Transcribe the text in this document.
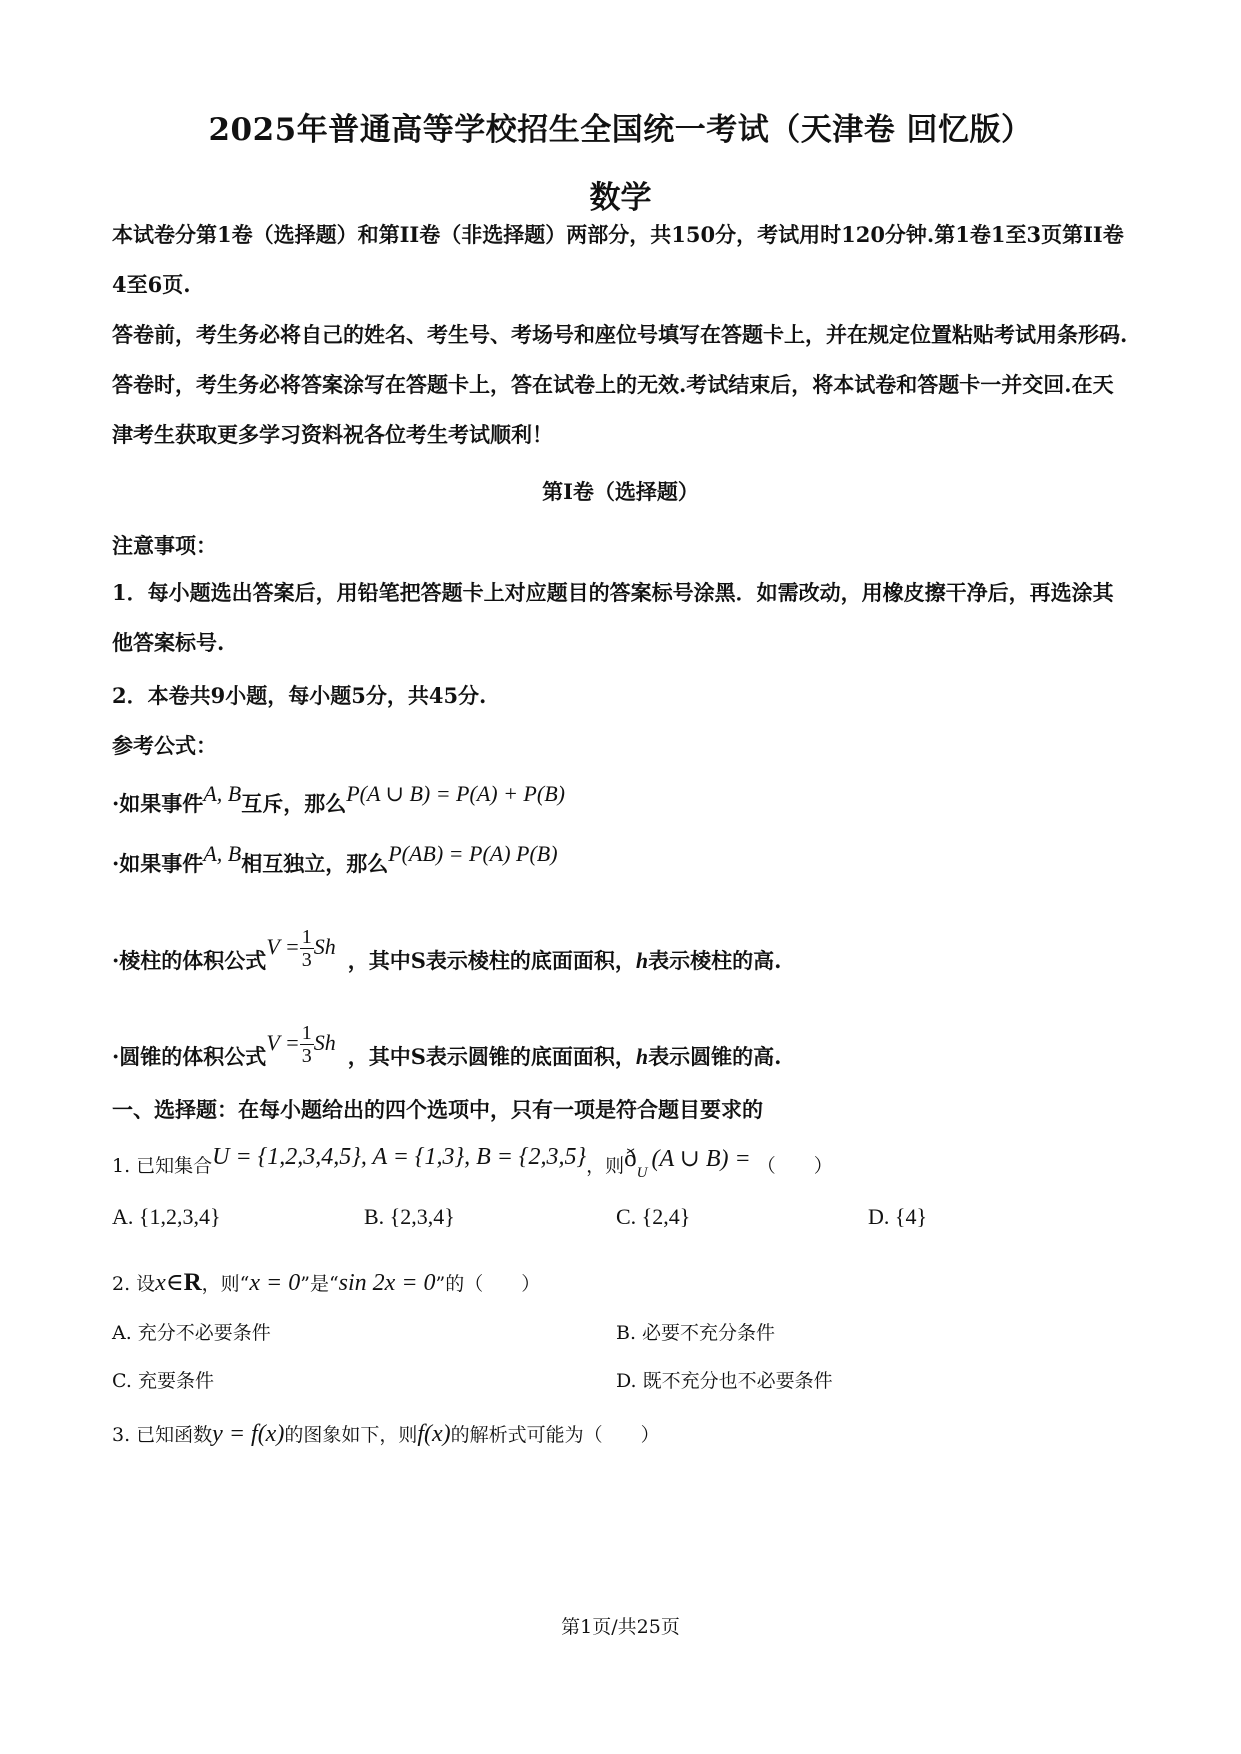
2025年普通高等学校招生全国统一考试（天津卷 回忆版）
数学
本试卷分第1卷（选择题）和第II卷（非选择题）两部分，共150分，考试用时120分钟.第1卷1至3页第II卷4至6页.
答卷前，考生务必将自己的姓名、考生号、考场号和座位号填写在答题卡上，并在规定位置粘贴考试用条形码.答卷时，考生务必将答案涂写在答题卡上，答在试卷上的无效.考试结束后，将本试卷和答题卡一并交回.在天津考生获取更多学习资料祝各位考生考试顺利！
第I卷（选择题）
注意事项：
1．每小题选出答案后，用铅笔把答题卡上对应题目的答案标号涂黑．如需改动，用橡皮擦干净后，再选涂其他答案标号.
2．本卷共9小题，每小题5分，共45分.
参考公式：
·如果事件A, B互斥，那么P(A ∪ B) = P(A) + P(B)
·如果事件A, B相互独立，那么P(AB) = P(A) P(B)
·棱柱的体积公式$V = \frac{1}{3}$ Sh，其中S表示棱柱的底面面积，h表示棱柱的高.
·圆锥的体积公式$V = \frac{1}{3}$ Sh，其中S表示圆锥的底面面积，h表示圆锥的高.
一、选择题：在每小题给出的四个选项中，只有一项是符合题目要求的
1. 已知集合U = {1,2,3,4,5}, A = {1,3}, B = {2,3,5}，则$ð_U(A$ ∪ B) = （　　）
A. {1,2,3,4}	B. {2,3,4}	C. {2,4}	D. {4}
2. 设x∈R，则“x = 0”是“sin 2x = 0”的（　　）
A. 充分不必要条件	B. 必要不充分条件
C. 充要条件	D. 既不充分也不必要条件
3. 已知函数y = f(x)的图象如下，则f(x)的解析式可能为（　　）
第1页/共25页
